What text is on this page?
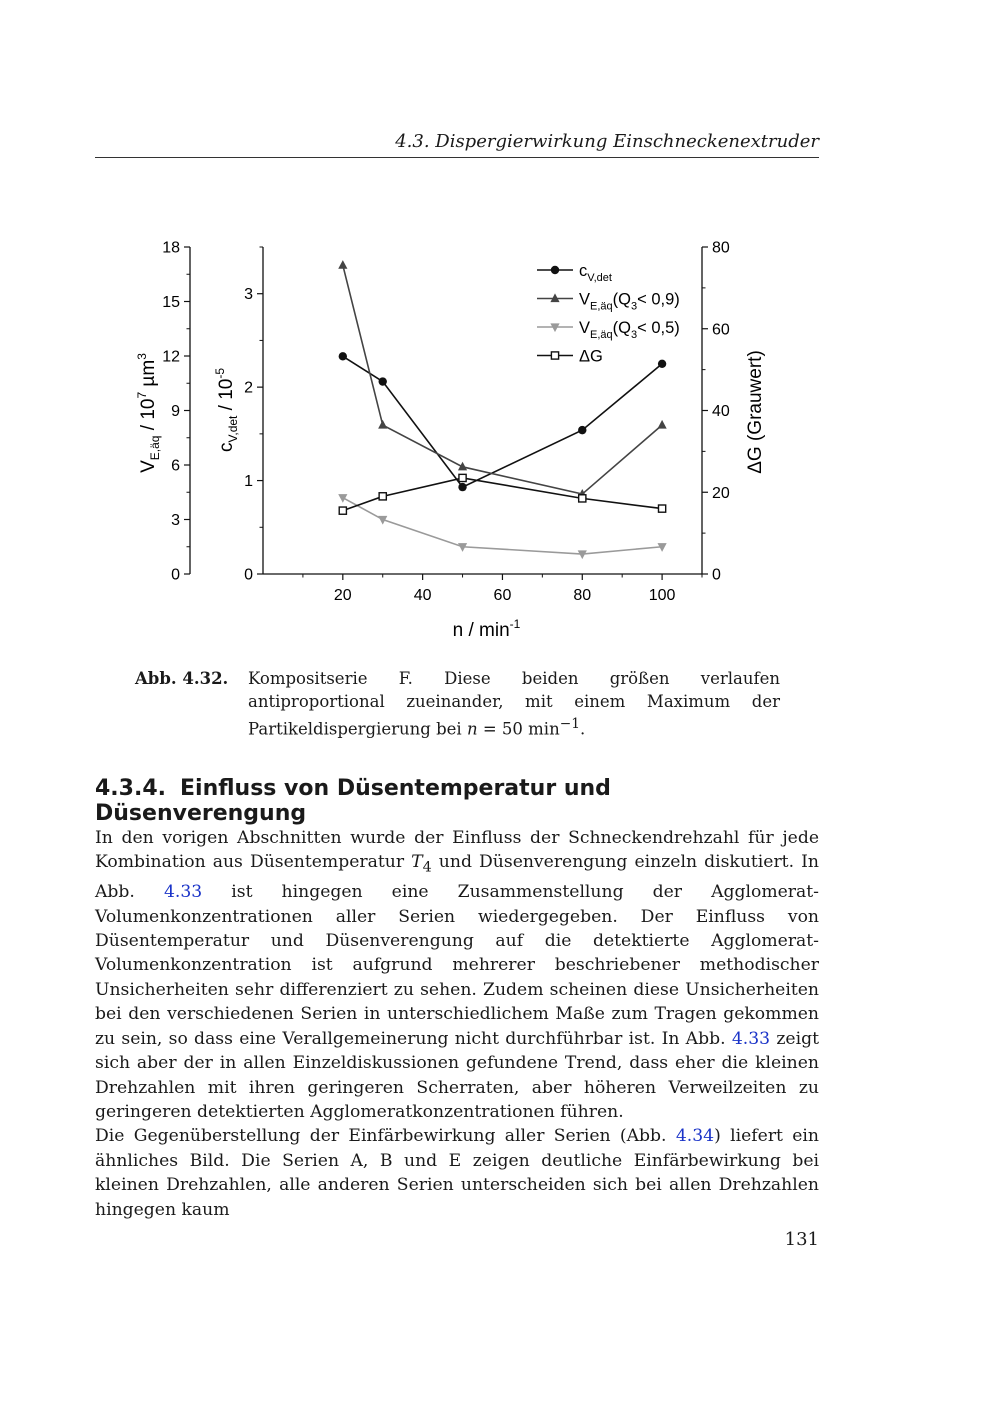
4.3. Dispergierwirkung Einschneckenextruder
20	40	60	80	100
0
3
6
9
12
15
18
0
1
2
3
0
20
40
60
80
$c_{V,det}$
$V_{E,äq}(Q_3< 0,9)$
$V_{E,äq}(Q_3< 0,5)$
ΔG
n / $\min^{-1}$
$V_{E,äq} / 10^7$ µm$^3$
$c_{V,det} / 10^{-5}$	ΔG (Grauwert)
Abb. 4.32. Kompositserie F. Diese beiden größen verlaufen antiproportional zueinander, mit einem Maximum der Partikeldispergierung bei n = 50 $\min^{-1}$.
4.3.4. Einfluss von Düsentemperatur und Düsenverengung

In den vorigen Abschnitten wurde der Einfluss der Schneckendrehzahl für jede Kombination aus Düsentemperatur $T_4$ und Düsenverengung einzeln diskutiert. In Abb. 4.33 ist hingegen eine Zusammenstellung der Agglomerat-Volumenkonzentrationen aller Serien wiedergegeben. Der Einfluss von Düsentemperatur und Düsenverengung auf die detektierte Agglomerat-Volumenkonzentration ist aufgrund mehrerer beschriebener methodischer Unsicherheiten sehr differenziert zu sehen. Zudem scheinen diese Unsicherheiten bei den verschiedenen Serien in unterschiedlichem Maße zum Tragen gekommen zu sein, so dass eine Verallgemeinerung nicht durchführbar ist. In Abb. 4.33 zeigt sich aber der in allen Einzeldiskussionen gefundene Trend, dass eher die kleinen Drehzahlen mit ihren geringeren Scherraten, aber höheren Verweilzeiten zu geringeren detektierten Agglomeratkonzentrationen führen.

Die Gegenüberstellung der Einfärbewirkung aller Serien (Abb. 4.34) liefert ein ähnliches Bild. Die Serien A, B und E zeigen deutliche Einfärbewirkung bei kleinen Drehzahlen, alle anderen Serien unterscheiden sich bei allen Drehzahlen hingegen kaum

131
